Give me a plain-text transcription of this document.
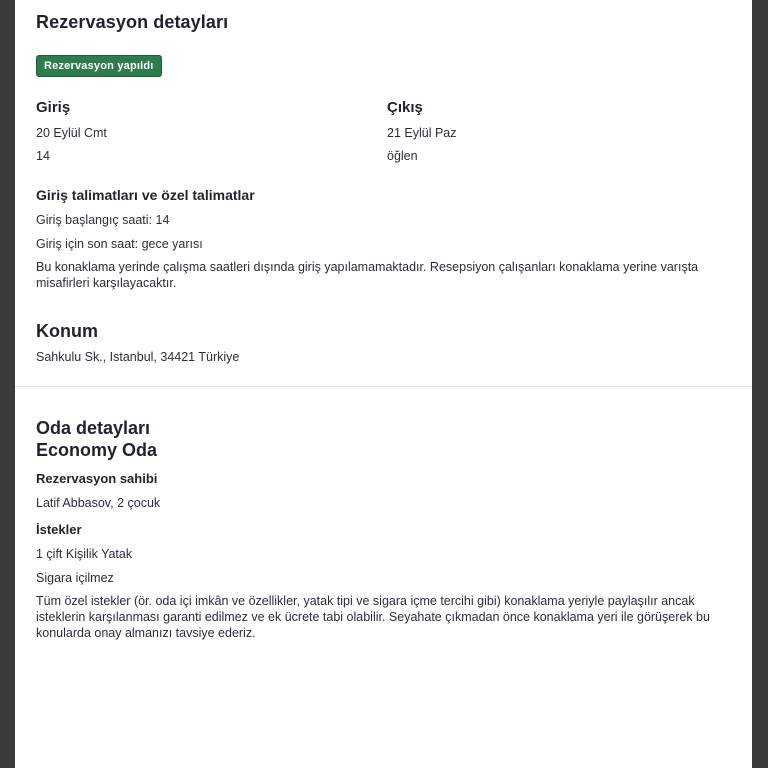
Rezervasyon detayları
Rezervasyon yapıldı
Giriş

20 Eylül Cmt

14

Çıkış

21 Eylül Paz

öğlen

Giriş talimatları ve özel talimatlar

Giriş başlangıç saati: 14

Giriş için son saat: gece yarısı

Bu konaklama yerinde çalışma saatleri dışında giriş yapılamamaktadır. Resepsiyon çalışanları konaklama yerine varışta

misafirleri karşılayacaktır.

Konum

Sahkulu Sk., Istanbul, 34421 Türkiye

Oda detayları
Economy Oda
Rezervasyon sahibi

Latif Abbasov, 2 çocuk

İstekler

1 çift Kişilik Yatak

Sigara içilmez

Tüm özel istekler (ör. oda içi imkân ve özellikler, yatak tipi ve sigara içme tercihi gibi) konaklama yeriyle paylaşılır ancak

isteklerin karşılanması garanti edilmez ve ek ücrete tabi olabilir. Seyahate çıkmadan önce konaklama yeri ile görüşerek bu

konularda onay almanızı tavsiye ederiz.
